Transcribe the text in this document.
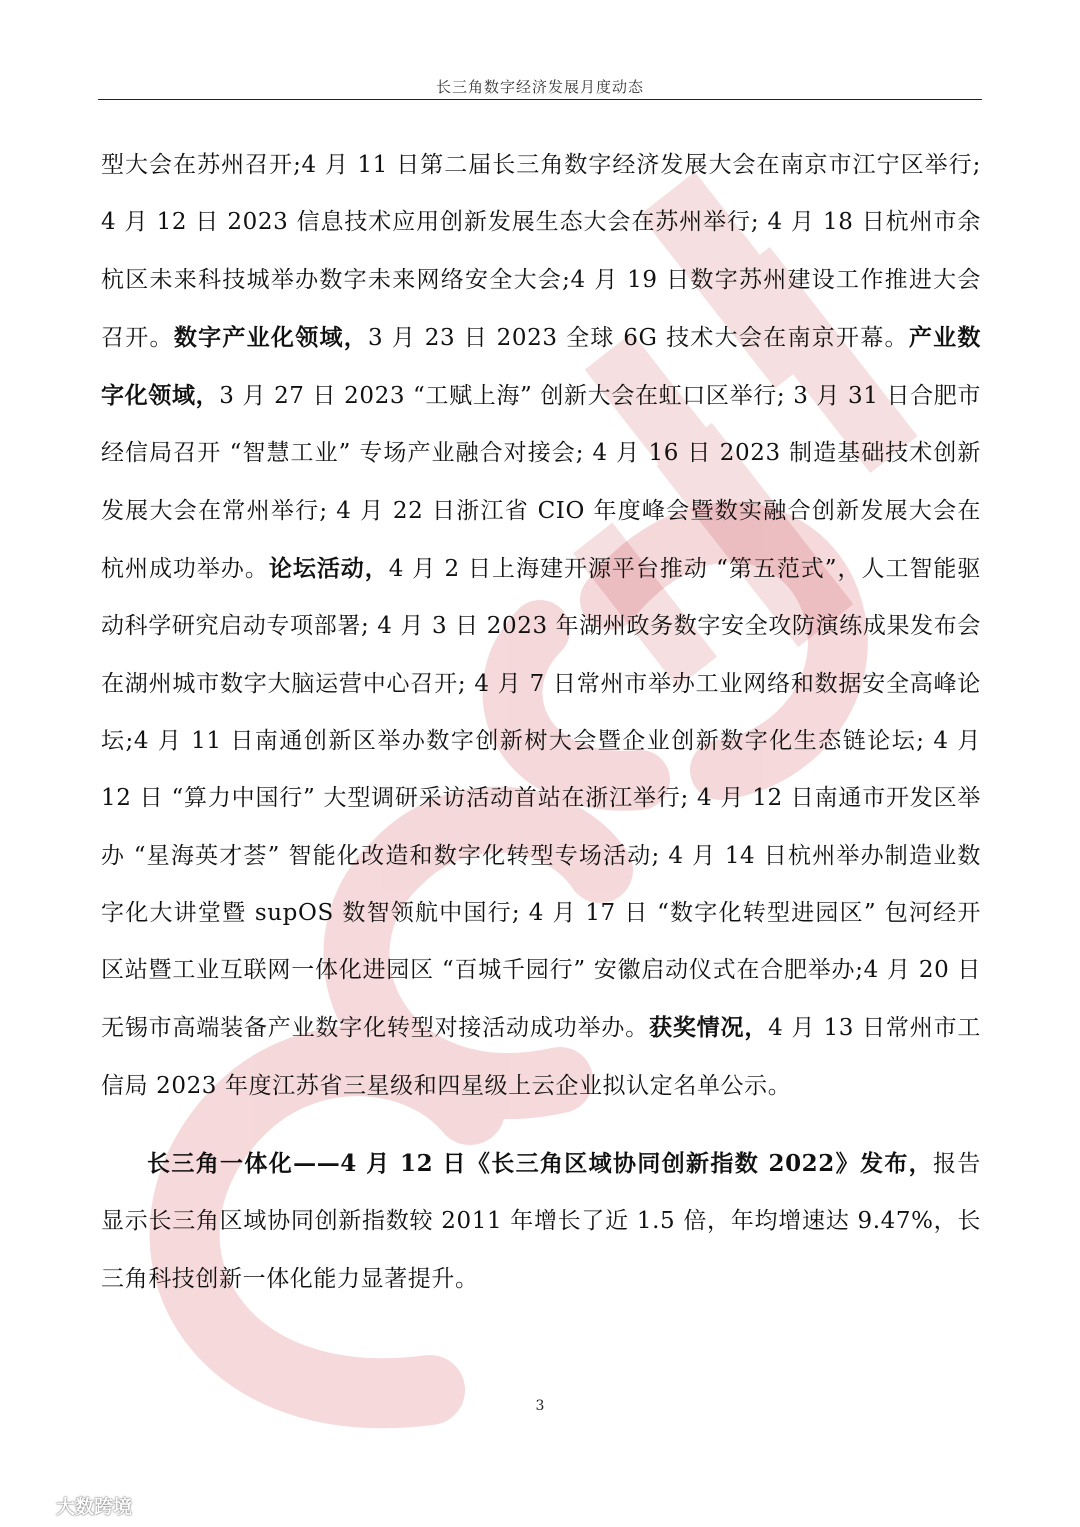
长三角数字经济发展月度动态

型大会在苏州召开;4 月 11 日第二届长三角数字经济发展大会在南京市江宁区举行; 4 月 12 日 2023 信息技术应用创新发展生态大会在苏州举行; 4 月 18 日杭州市余杭区未来科技城举办数字未来网络安全大会;4 月 19 日数字苏州建设工作推进大会召开。数字产业化领域，3 月 23 日 2023 全球 6G 技术大会在南京开幕。产业数字化领域，3 月 27 日 2023 “工赋上海” 创新大会在虹口区举行; 3 月 31 日合肥市经信局召开 “智慧工业” 专场产业融合对接会; 4 月 16 日 2023 制造基础技术创新发展大会在常州举行; 4 月 22 日浙江省 CIO 年度峰会暨数实融合创新发展大会在杭州成功举办。论坛活动，4 月 2 日上海建开源平台推动 “第五范式”，人工智能驱动科学研究启动专项部署; 4 月 3 日 2023 年湖州政务数字安全攻防演练成果发布会在湖州城市数字大脑运营中心召开; 4 月 7 日常州市举办工业网络和数据安全高峰论坛;4 月 11 日南通创新区举办数字创新树大会暨企业创新数字化生态链论坛; 4 月 12 日 “算力中国行” 大型调研采访活动首站在浙江举行; 4 月 12 日南通市开发区举办 “星海英才荟” 智能化改造和数字化转型专场活动; 4 月 14 日杭州举办制造业数字化大讲堂暨 supOS 数智领航中国行; 4 月 17 日 “数字化转型进园区” 包河经开区站暨工业互联网一体化进园区 “百城千园行” 安徽启动仪式在合肥举办;4 月 20 日无锡市高端装备产业数字化转型对接活动成功举办。获奖情况，4 月 13 日常州市工信局 2023 年度江苏省三星级和四星级上云企业拟认定名单公示。

长三角一体化——4 月 12 日《长三角区域协同创新指数 2022》发布，报告显示长三角区域协同创新指数较 2011 年增长了近 1.5 倍，年均增速达 9.47%，长三角科技创新一体化能力显著提升。

3
大数跨境
